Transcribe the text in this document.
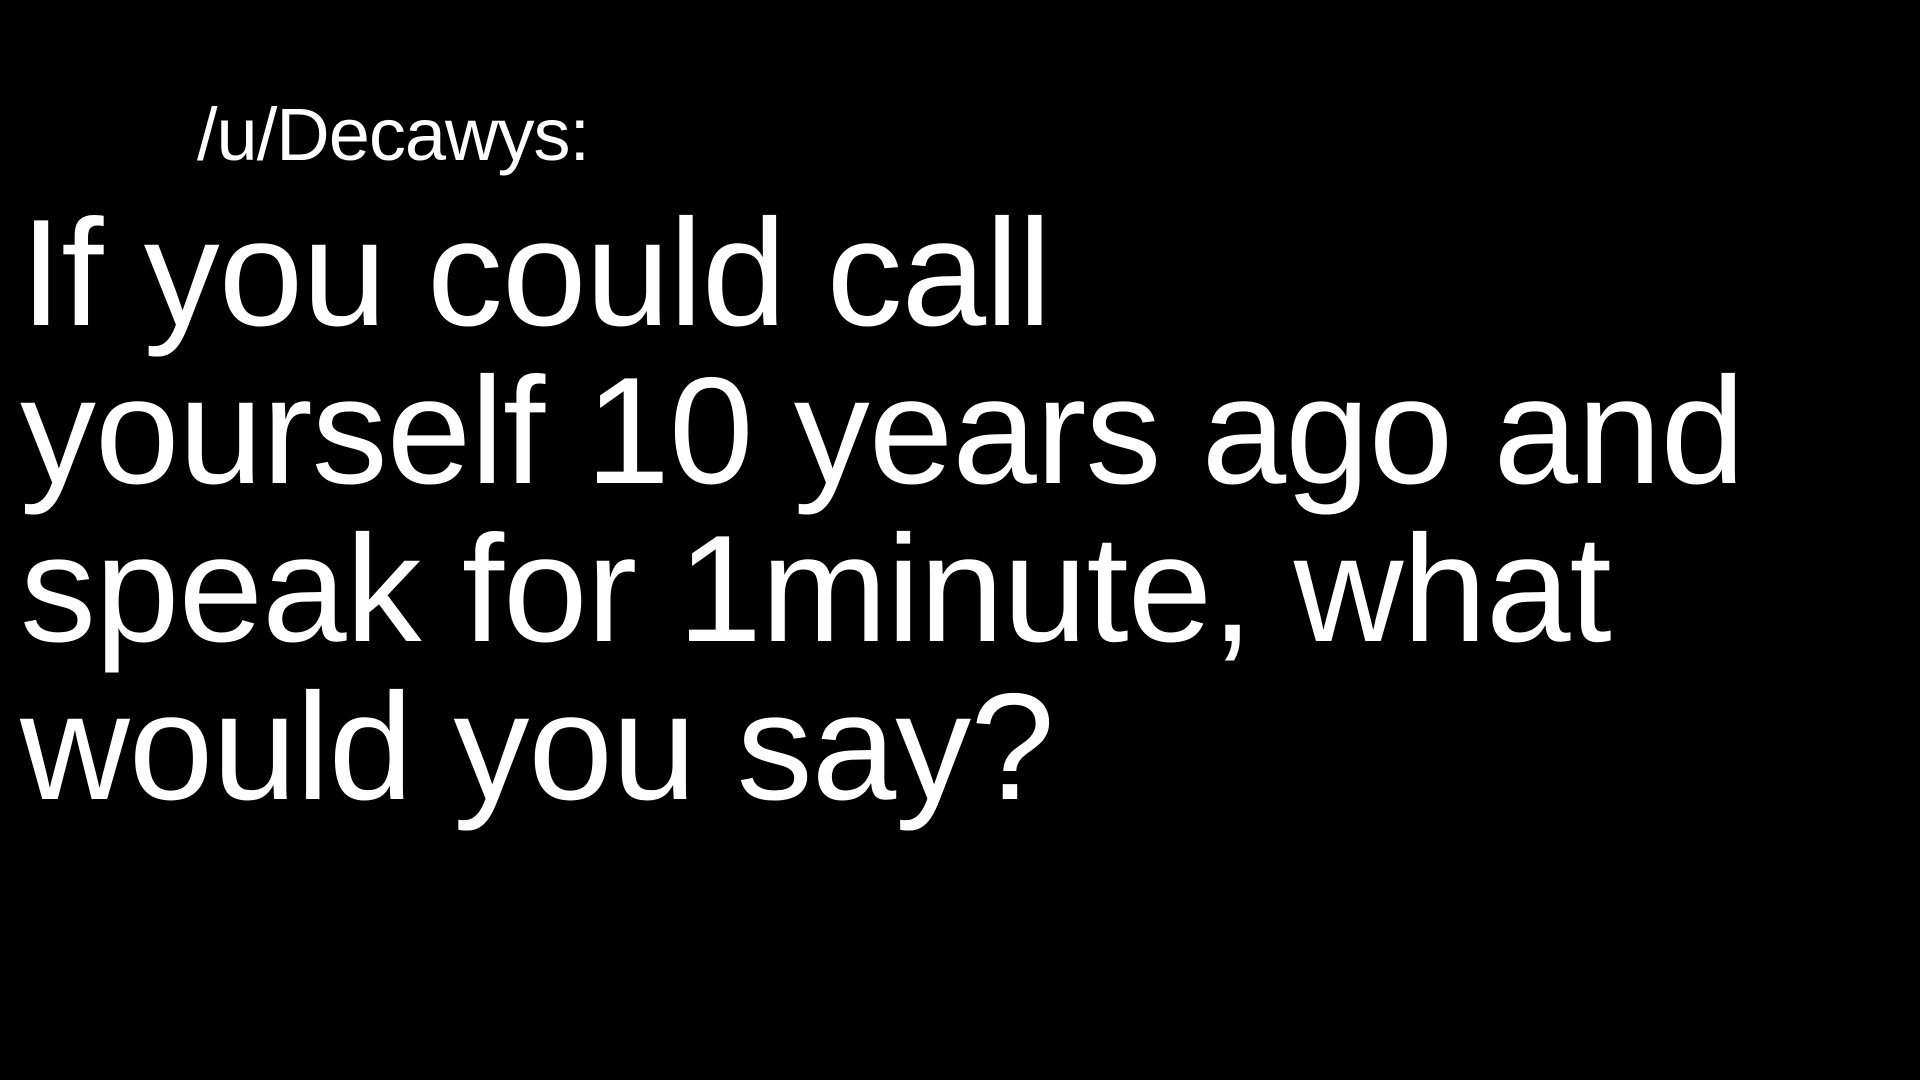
/u/Decawys:
If you could call
yourself 10 years ago and
speak for 1minute, what
would you say?
